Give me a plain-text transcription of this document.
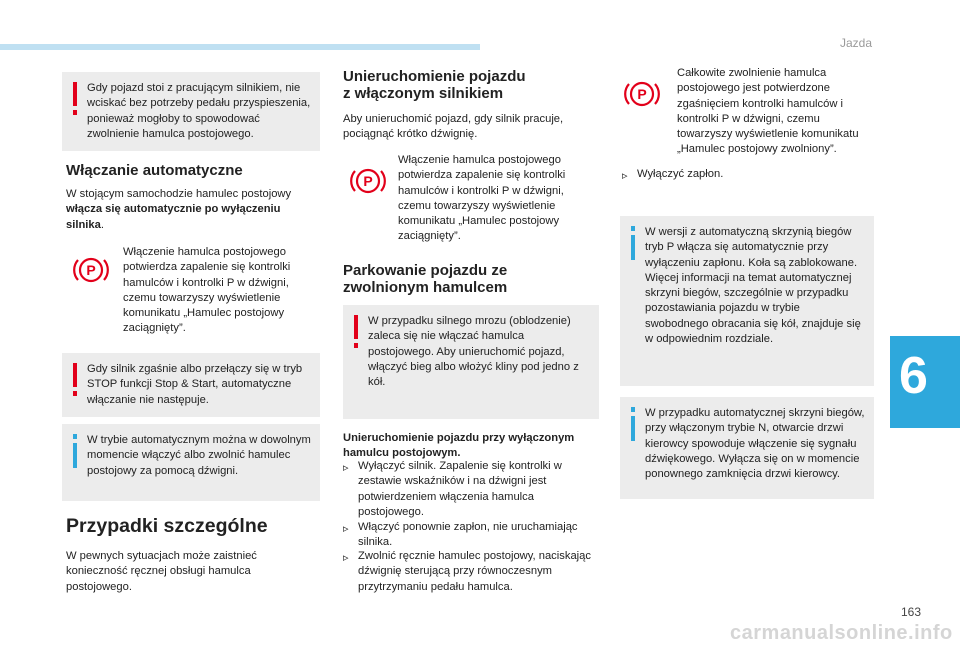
Jazda
6
163
carmanualsonline.info
Gdy pojazd stoi z pracującym silnikiem, nie wciskać bez potrzeby pedału przyspieszenia, ponieważ mogłoby to spowodować zwolnienie hamulca postojowego.
Włączanie automatyczne

W stojącym samochodzie hamulec postojowy włącza się automatycznie po wyłączeniu silnika.

P

Włączenie hamulca postojowego potwierdza zapalenie się kontrolki hamulców i kontrolki P w dźwigni, czemu towarzyszy wyświetlenie komunikatu „Hamulec postojowy zaciągnięty”.

Gdy silnik zgaśnie albo przełączy się w tryb STOP funkcji Stop & Start, automatyczne włączanie nie następuje.
W trybie automatycznym można w dowolnym momencie włączyć albo zwolnić hamulec postojowy za pomocą dźwigni.
Przypadki szczególne

W pewnych sytuacjach może zaistnieć konieczność ręcznej obsługi hamulca postojowego.

Unieruchomienie pojazdu
z włączonym silnikiem

Aby unieruchomić pojazd, gdy silnik pracuje, pociągnąć krótko dźwignię.

P

Włączenie hamulca postojowego potwierdza zapalenie się kontrolki hamulców i kontrolki P w dźwigni, czemu towarzyszy wyświetlenie komunikatu „Hamulec postojowy zaciągnięty”.

Parkowanie pojazdu ze
zwolnionym hamulcem
W przypadku silnego mrozu (oblodzenie) zaleca się nie włączać hamulca postojowego. Aby unieruchomić pojazd, włączyć bieg albo włożyć kliny pod jedno z kół.

Unieruchomienie pojazdu przy wyłączonym hamulcu postojowym.

▹ Wyłączyć silnik. Zapalenie się kontrolki w zestawie wskaźników i na dźwigni jest potwierdzeniem włączenia hamulca postojowego.

▹ Włączyć ponownie zapłon, nie uruchamiając silnika.

▹ Zwolnić ręcznie hamulec postojowy, naciskając dźwignię sterującą przy równoczesnym przytrzymaniu pedału hamulca.

P

Całkowite zwolnienie hamulca postojowego jest potwierdzone zgaśnięciem kontrolki hamulców i kontrolki P w dźwigni, czemu towarzyszy wyświetlenie komunikatu „Hamulec postojowy zwolniony”.

▹ Wyłączyć zapłon.

W wersji z automatyczną skrzynią biegów tryb P włącza się automatycznie przy wyłączeniu zapłonu. Koła są zablokowane. Więcej informacji na temat automatycznej skrzyni biegów, szczególnie w przypadku pozostawiania pojazdu w trybie swobodnego obracania się kół, znajduje się w odpowiednim rozdziale.
W przypadku automatycznej skrzyni biegów, przy włączonym trybie N, otwarcie drzwi kierowcy spowoduje włączenie się sygnału dźwiękowego. Wyłącza się on w momencie ponownego zamknięcia drzwi kierowcy.
